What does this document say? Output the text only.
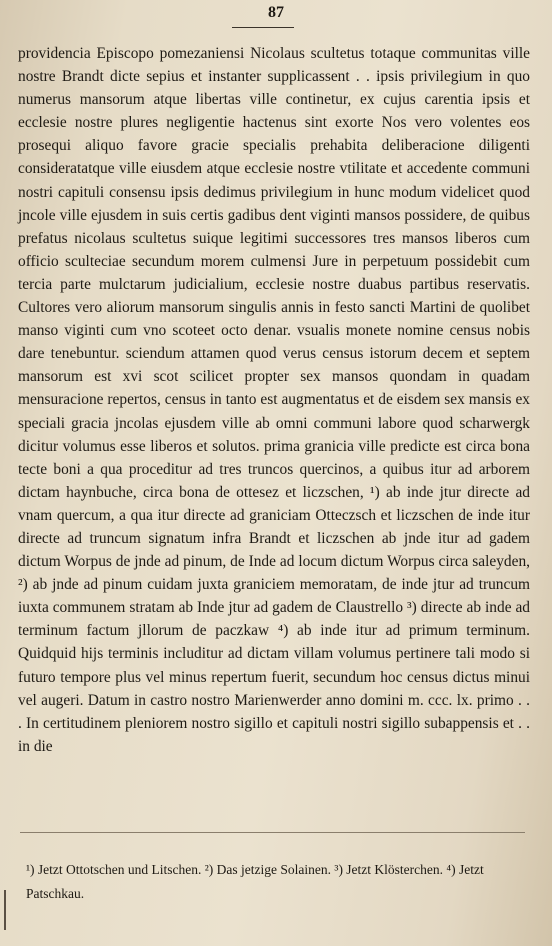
87
providencia Episcopo pomezaniensi Nicolaus scultetus totaque communitas ville nostre Brandt dicte sepius et instanter supplicassent . . ipsis privilegium in quo numerus mansorum atque libertas ville continetur, ex cujus carentia ipsis et ecclesie nostre plures negligentie hactenus sint exorte Nos vero volentes eos prosequi aliquo favore gracie specialis prehabita deliberacione diligenti consideratatque ville eiusdem atque ecclesie nostre vtilitate et accedente communi nostri capituli consensu ipsis dedimus privilegium in hunc modum videlicet quod jncole ville ejusdem in suis certis gadibus dent viginti mansos possidere, de quibus prefatus nicolaus scultetus suique legitimi successores tres mansos liberos cum officio sculteciae secundum morem culmensi Jure in perpetuum possidebit cum tercia parte mulctarum judicialium, ecclesie nostre duabus partibus reservatis. Cultores vero aliorum mansorum singulis annis in festo sancti Martini de quolibet manso viginti cum vno scoteet octo denar. vsualis monete nomine census nobis dare tenebuntur. sciendum attamen quod verus census istorum decem et septem mansorum est xvi scot scilicet propter sex mansos quondam in quadam mensuracione repertos, census in tanto est augmentatus et de eisdem sex mansis ex speciali gracia jncolas ejusdem ville ab omni communi labore quod scharwergk dicitur volumus esse liberos et solutos. prima granicia ville predicte est circa bona tecte boni a qua proceditur ad tres truncos quercinos, a quibus itur ad arborem dictam haynbuche, circa bona de ottesez et liczschen, ¹) ab inde jtur directe ad vnam quercum, a qua itur directe ad graniciam Otteczsch et liczschen de inde itur directe ad truncum signatum infra Brandt et liczschen ab jnde itur ad gadem dictum Worpus de jnde ad pinum, de Inde ad locum dictum Worpus circa saleyden, ²) ab jnde ad pinum cuidam juxta graniciem memoratam, de inde jtur ad truncum iuxta communem stratam ab Inde jtur ad gadem de Claustrello ³) directe ab inde ad terminum factum jllorum de paczkaw ⁴) ab inde itur ad primum terminum. Quidquid hijs terminis includitur ad dictam villam volumus pertinere tali modo si futuro tempore plus vel minus repertum fuerit, secundum hoc census dictus minui vel augeri. Datum in castro nostro Marienwerder anno domini m. ccc. lx. primo . . . In certitudinem pleniorem nostro sigillo et capituli nostri sigillo subappensis et . . in die
¹) Jetzt Ottotschen und Litschen. ²) Das jetzige Solainen. ³) Jetzt Klösterchen. ⁴) Jetzt Patschkau.
